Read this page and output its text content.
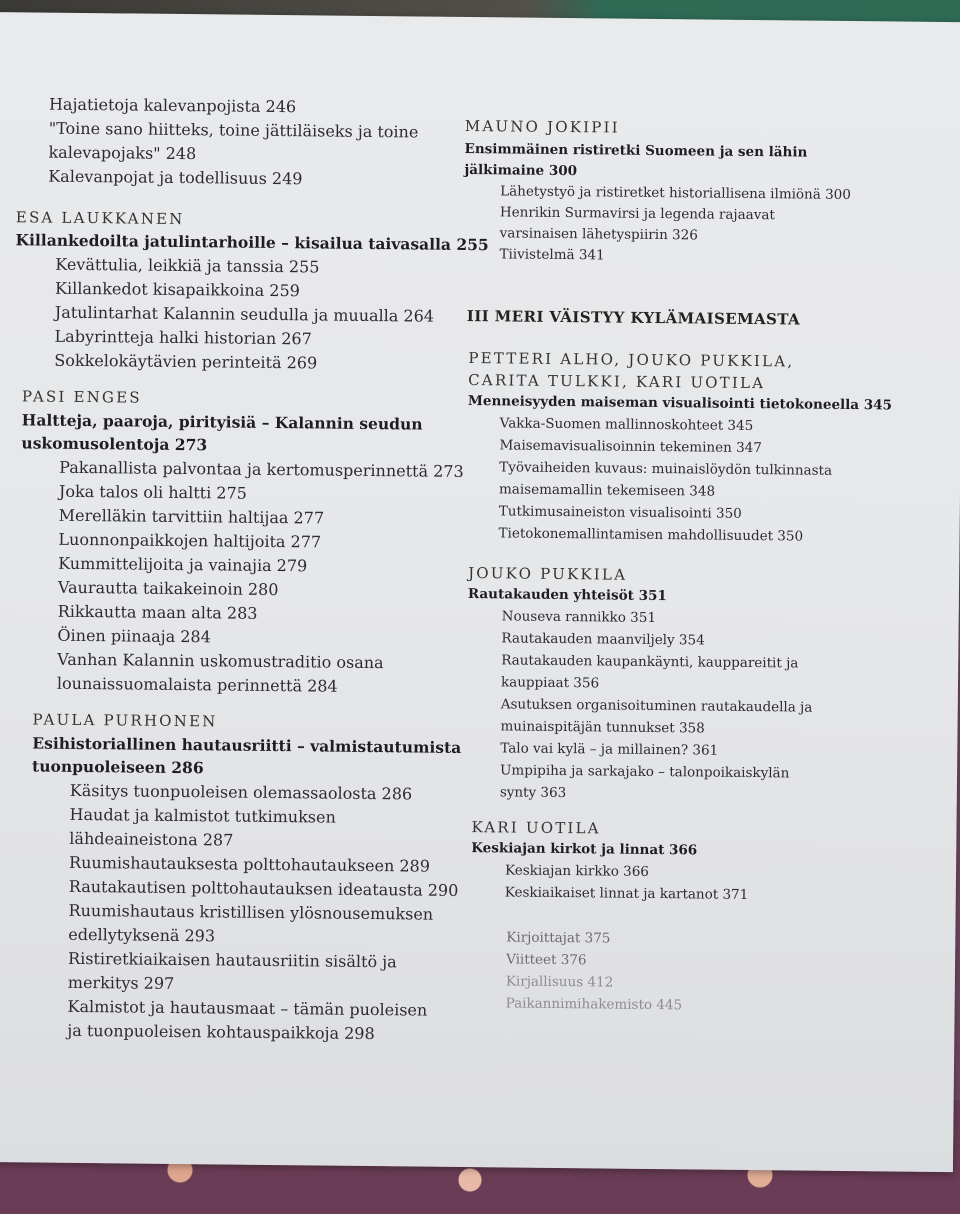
Hajatietoja kalevanpojista 246
"Toine sano hiitteks, toine jättiläiseks ja toine
kalevapojaks" 248
Kalevanpojat ja todellisuus 249
ESA LAUKKANEN
Killankedoilta jatulintarhoille – kisailua taivasalla 255
Kevättulia, leikkiä ja tanssia 255
Killankedot kisapaikkoina 259
Jatulintarhat Kalannin seudulla ja muualla 264
Labyrintteja halki historian 267
Sokkelokäytävien perinteitä 269
PASI ENGES
Haltteja, paaroja, pirityisiä – Kalannin seudun
uskomusolentoja 273
Pakanallista palvontaa ja kertomusperinnettä 273
Joka talos oli haltti 275
Merelläkin tarvittiin haltijaa 277
Luonnonpaikkojen haltijoita 277
Kummittelijoita ja vainajia 279
Vaurautta taikakeinoin 280
Rikkautta maan alta 283
Öinen piinaaja 284
Vanhan Kalannin uskomustraditio osana
lounaissuomalaista perinnettä 284
PAULA PURHONEN
Esihistoriallinen hautausriitti – valmistautumista
tuonpuoleiseen 286
Käsitys tuonpuoleisen olemassaolosta 286
Haudat ja kalmistot tutkimuksen
lähdeaineistona 287
Ruumishautauksesta polttohautaukseen 289
Rautakautisen polttohautauksen ideatausta 290
Ruumishautaus kristillisen ylösnousemuksen
edellytyksenä 293
Ristiretkiaikaisen hautausriitin sisältö ja
merkitys 297
Kalmistot ja hautausmaat – tämän puoleisen
ja tuonpuoleisen kohtauspaikkoja 298
MAUNO JOKIPII
Ensimmäinen ristiretki Suomeen ja sen lähin
jälkimaine 300
Lähetystyö ja ristiretket historiallisena ilmiönä 300
Henrikin Surmavirsi ja legenda rajaavat
varsinaisen lähetyspiirin 326
Tiivistelmä 341
III MERI VÄISTYY KYLÄMAISEMASTA
PETTERI ALHO, JOUKO PUKKILA,
CARITA TULKKI, KARI UOTILA
Menneisyyden maiseman visualisointi tietokoneella 345
Vakka-Suomen mallinnoskohteet 345
Maisemavisualisoinnin tekeminen 347
Työvaiheiden kuvaus: muinaislöydön tulkinnasta
maisemamallin tekemiseen 348
Tutkimusaineiston visualisointi 350
Tietokonemallintamisen mahdollisuudet 350
JOUKO PUKKILA
Rautakauden yhteisöt 351
Nouseva rannikko 351
Rautakauden maanviljely 354
Rautakauden kaupankäynti, kauppareitit ja
kauppiaat 356
Asutuksen organisoituminen rautakaudella ja
muinaispitäjän tunnukset 358
Talo vai kylä – ja millainen? 361
Umpipiha ja sarkajako – talonpoikaiskylän
synty 363
KARI UOTILA
Keskiajan kirkot ja linnat 366
Keskiajan kirkko 366
Keskiaikaiset linnat ja kartanot 371
Kirjoittajat 375
Viitteet 376
Kirjallisuus 412
Paikannimihakemisto 445
